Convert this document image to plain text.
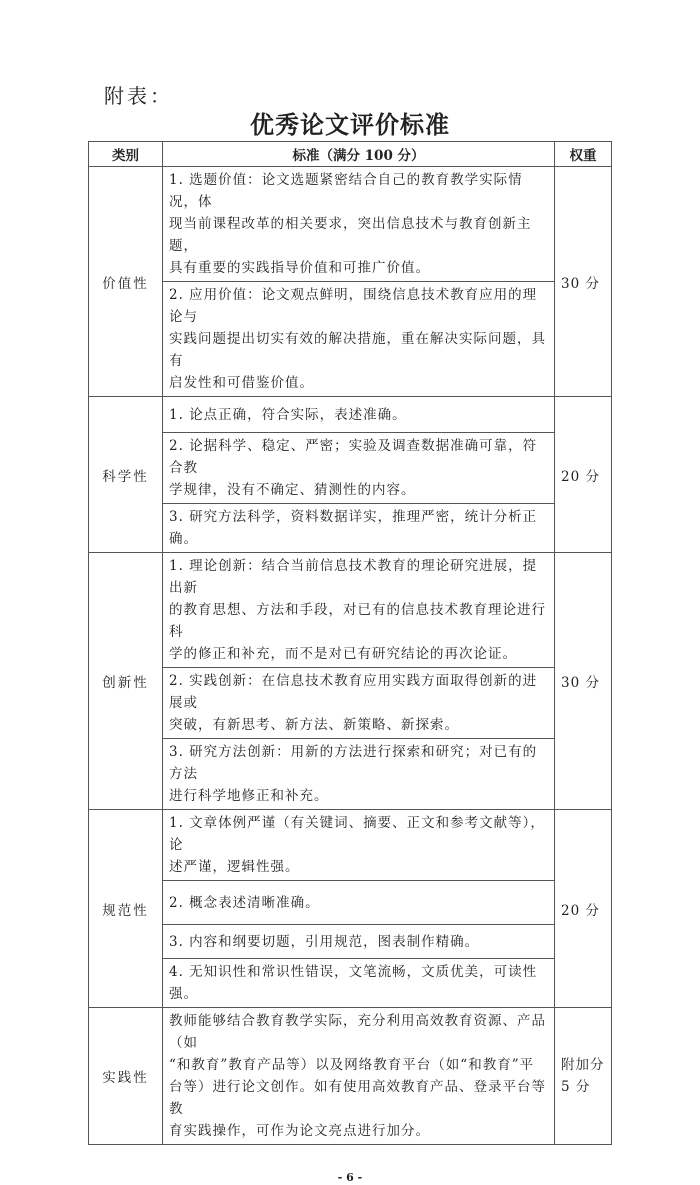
附表：
优秀论文评价标准
类别	标准（满分 100 分）	权重
价值性	1. 选题价值：论文选题紧密结合自己的教育教学实际情况，体
现当前课程改革的相关要求，突出信息技术与教育创新主题，
具有重要的实践指导价值和可推广价值。	30 分

	2. 应用价值：论文观点鲜明，围绕信息技术教育应用的理论与
实践问题提出切实有效的解决措施，重在解决实际问题，具有
启发性和可借鉴价值。	

科学性	1. 论点正确，符合实际，表述准确。	20 分

	2. 论据科学、稳定、严密；实验及调查数据准确可靠，符合教
学规律，没有不确定、猜测性的内容。	

	3. 研究方法科学，资料数据详实，推理严密，统计分析正确。	

创新性	1. 理论创新：结合当前信息技术教育的理论研究进展，提出新
的教育思想、方法和手段，对已有的信息技术教育理论进行科
学的修正和补充，而不是对已有研究结论的再次论证。	30 分

	2. 实践创新：在信息技术教育应用实践方面取得创新的进展或
突破，有新思考、新方法、新策略、新探索。	

	3. 研究方法创新：用新的方法进行探索和研究；对已有的方法
进行科学地修正和补充。	

规范性	1. 文章体例严谨（有关键词、摘要、正文和参考文献等），论
述严谨，逻辑性强。	20 分

	2. 概念表述清晰准确。	

	3. 内容和纲要切题，引用规范，图表制作精确。	

	4. 无知识性和常识性错误，文笔流畅，文质优美，可读性强。	

实践性	教师能够结合教育教学实际，充分利用高效教育资源、产品（如
“和教育”教育产品等）以及网络教育平台（如“和教育”平
台等）进行论文创作。如有使用高效教育产品、登录平台等教
育实践操作，可作为论文亮点进行加分。	附加分
5 分
- 6 -
